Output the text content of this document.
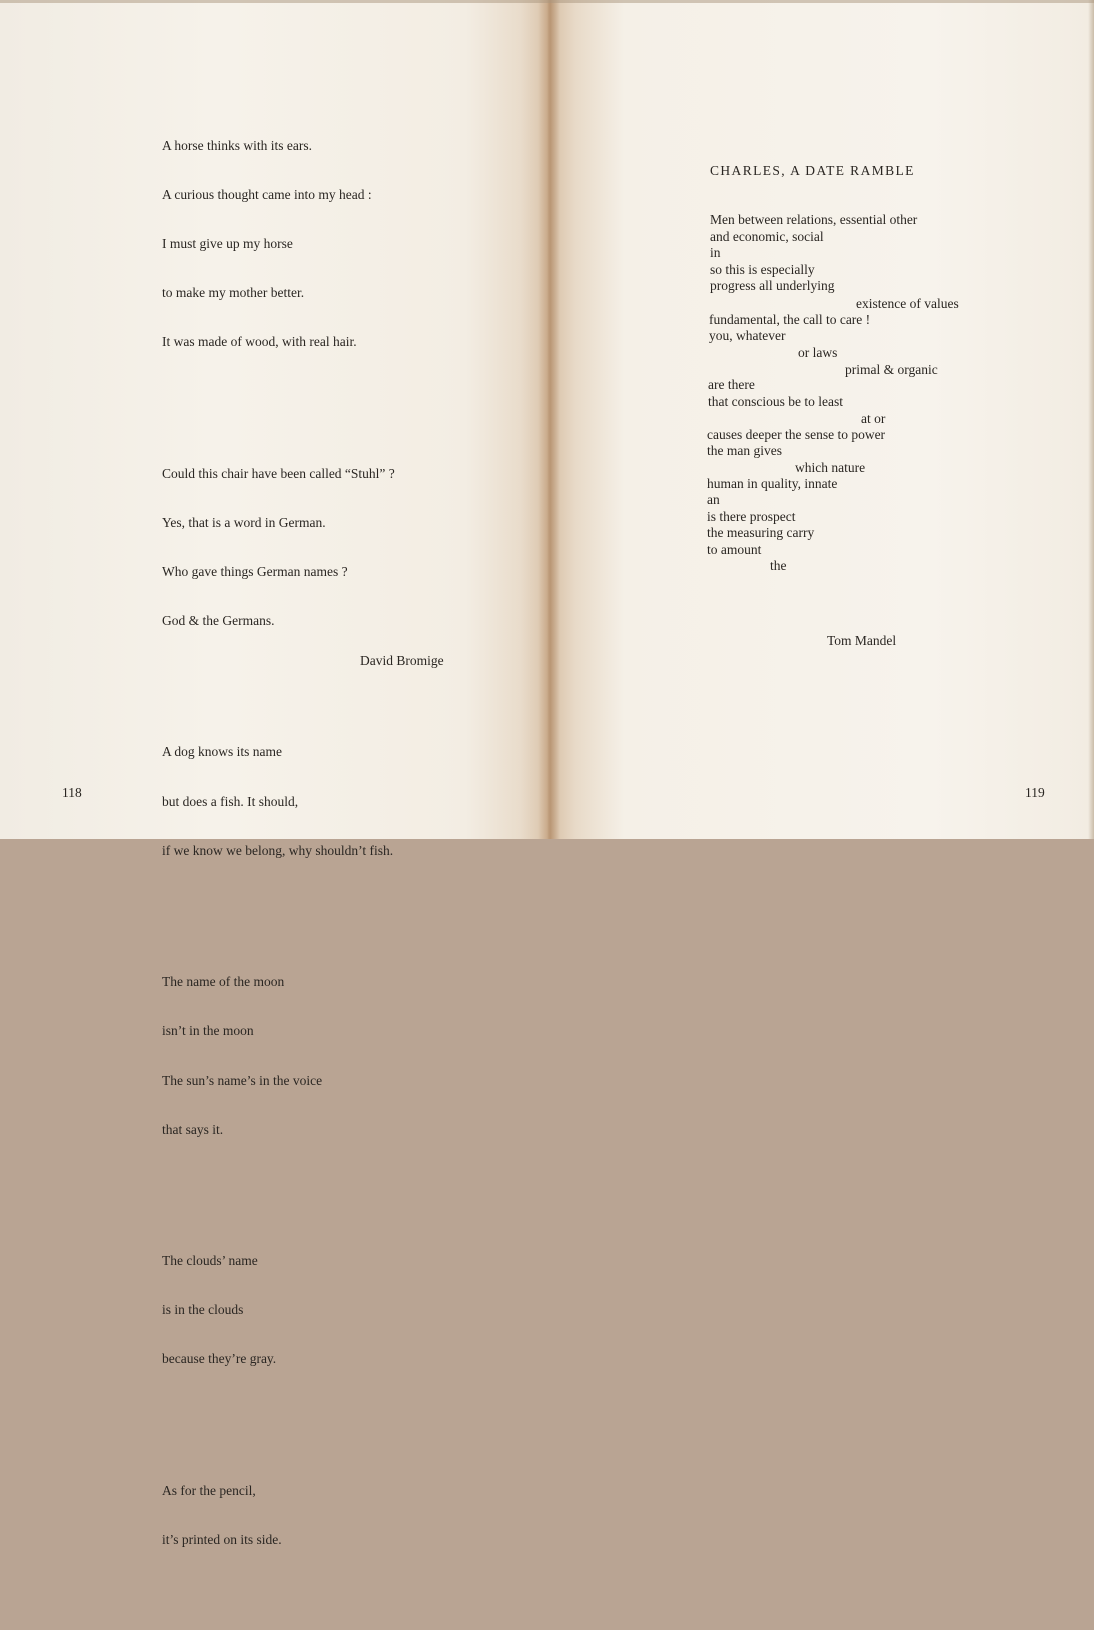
A horse thinks with its ears.

A curious thought came into my head :

I must give up my horse

to make my mother better.

It was made of wood, with real hair.

Could this chair have been called “Stuhl” ?

Yes, that is a word in German.

Who gave things German names ?

God & the Germans.

A dog knows its name

but does a fish. It should,

if we know we belong, why shouldn’t fish.

The name of the moon

isn’t in the moon

The sun’s name’s in the voice

that says it.

The clouds’ name

is in the clouds

because they’re gray.

As for the pencil,

it’s printed on its side.

David Bromige
118
CHARLES, A DATE RAMBLE
Men between relations, essential other
and economic, social
in
so this is especially
progress all underlying
existence of values
fundamental, the call to care !
you, whatever
or laws
primal & organic
are there
that conscious be to least
at or
causes deeper the sense to power
the man gives
which nature
human in quality, innate
an
is there prospect
the measuring carry
to amount
the
Tom Mandel
119
